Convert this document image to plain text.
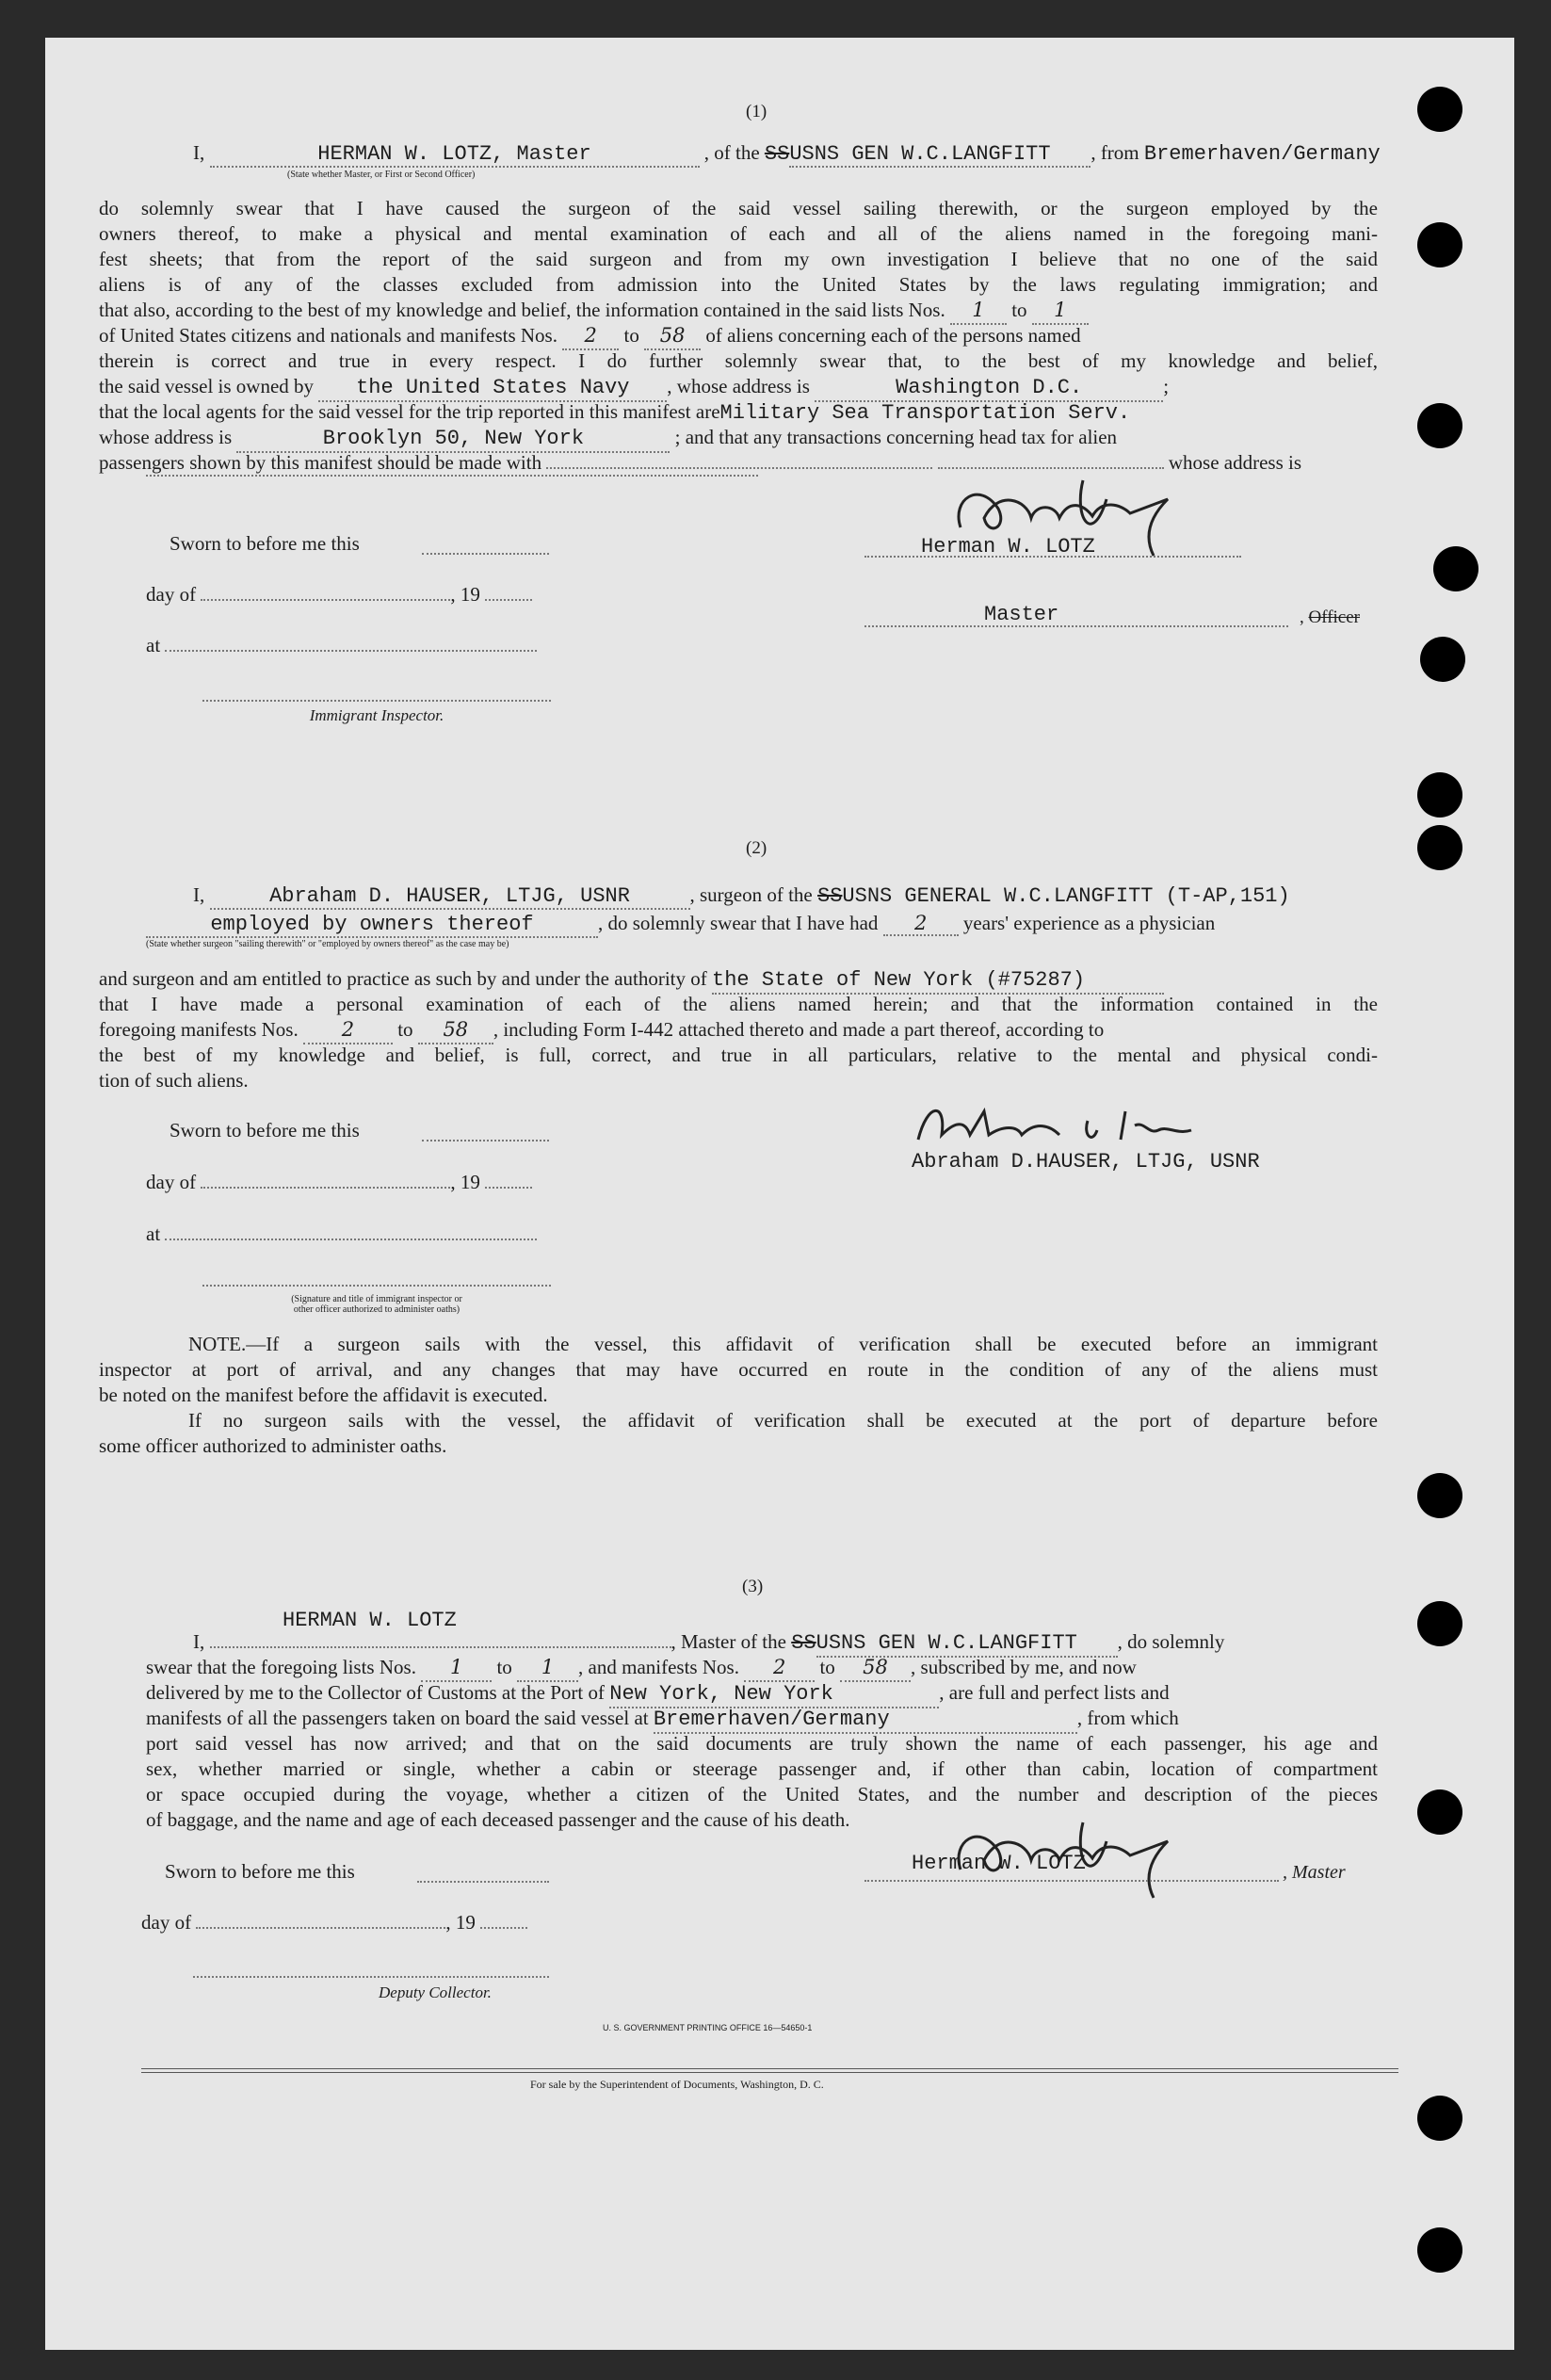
(1)
I,	HERMAN W. LOTZ, Master	, of the SSUSNS GEN W.C.LANGFITT , from Bremerhaven/Germany
(State whether Master, or First or Second Officer)
do solemnly swear that I have caused the surgeon of the said vessel sailing therewith, or the surgeon employed by the
owners thereof, to make a physical and mental examination of each and all of the aliens named in the foregoing mani-
fest sheets; that from the report of the said surgeon and from my own investigation I believe that no one of the said
aliens is of any of the classes excluded from admission into the United States by the laws regulating immigration; and
that also, according to the best of my knowledge and belief, the information contained in the said lists Nos. 1 to 1
of United States citizens and nationals and manifests Nos. 2 to 58 of aliens concerning each of the persons named
therein is correct and true in every respect. I do further solemnly swear that, to the best of my knowledge and belief,
the said vessel is owned by the United States Navy , whose address is	Washington D.C.	;
that the local agents for the said vessel for the trip reported in this manifest areMilitary Sea Transportation Serv.
whose address is	Brooklyn 50, New York	; and that any transactions concerning head tax for alien
passengers shown by this manifest should be made with	whose address is
Sworn to before me this	Herman W. LOTZ
day of	, 19
Master	, Officer
at
Immigrant Inspector.
(2)
I,	Abraham D. HAUSER, LTJG, USNR	, surgeon of the SSUSNS GENERAL W.C.LANGFITT (T-AP,151)
employed by owners thereof	, do solemnly swear that I have had 2 years' experience as a physician
(State whether surgeon "sailing therewith" or "employed by owners thereof" as the case may be)
and surgeon and am entitled to practice as such by and under the authority of the State of New York (#75287)
that I have made a personal examination of each of the aliens named herein; and that the information contained in the
foregoing manifests Nos. 2 to 58 , including Form I-442 attached thereto and made a part thereof, according to
the best of my knowledge and belief, is full, correct, and true in all particulars, relative to the mental and physical condi-
tion of such aliens.
Sworn to before me this
Abraham D.HAUSER, LTJG, USNR
day of	, 19
at
(Signature and title of immigrant inspector or
other officer authorized to administer oaths)
NOTE.—If a surgeon sails with the vessel, this affidavit of verification shall be executed before an immigrant
inspector at port of arrival, and any changes that may have occurred en route in the condition of any of the aliens must
be noted on the manifest before the affidavit is executed.
If no surgeon sails with the vessel, the affidavit of verification shall be executed at the port of departure before
some officer authorized to administer oaths.
(3)
HERMAN W. LOTZ
I,	, Master of the SSUSNS GEN W.C.LANGFITT , do solemnly
swear that the foregoing lists Nos. 1 to 1 , and manifests Nos. 2 to 58 , subscribed by me, and now
delivered by me to the Collector of Customs at the Port of New York, New York	, are full and perfect lists and
manifests of all the passengers taken on board the said vessel at Bremerhaven/Germany	, from which
port said vessel has now arrived; and that on the said documents are truly shown the name of each passenger, his age and
sex, whether married or single, whether a cabin or steerage passenger and, if other than cabin, location of compartment
or space occupied during the voyage, whether a citizen of the United States, and the number and description of the pieces
of baggage, and the name and age of each deceased passenger and the cause of his death.
Sworn to before me this	Herman W. LOTZ	, Master
day of	, 19
Deputy Collector.
U. S. GOVERNMENT PRINTING OFFICE 16—54650-1
For sale by the Superintendent of Documents, Washington, D. C.
